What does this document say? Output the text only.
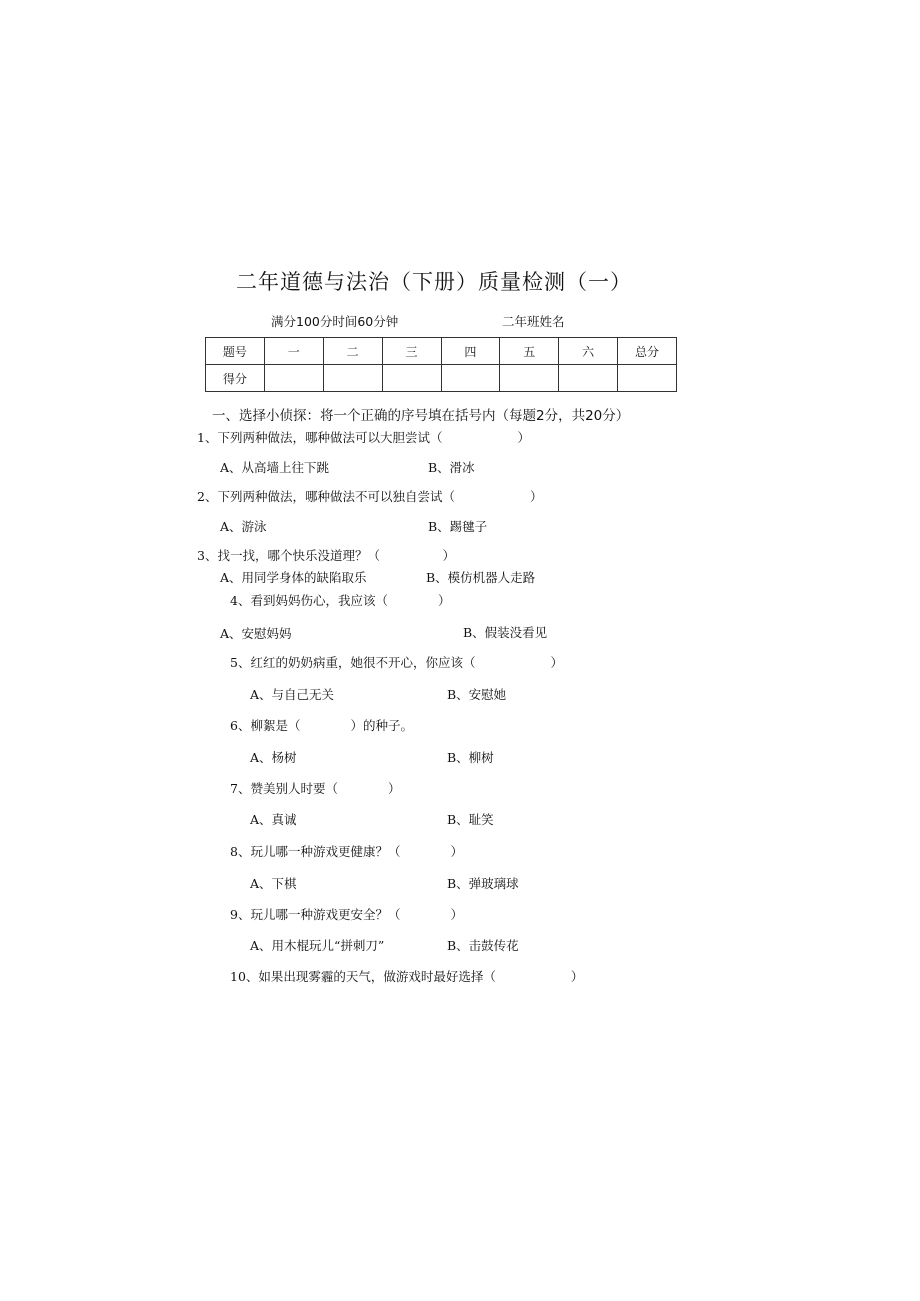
二年道德与法治（下册）质量检测（一）
满分100分时间60分钟	二年班姓名
题号	一	二	三	四	五	六	总分
得分							
一、选择小侦探：将一个正确的序号填在括号内（每题2分，共20分）
1、下列两种做法，哪种做法可以大胆尝试（　　　　　　）
A、从高墙上往下跳	B、滑冰
2、下列两种做法，哪种做法不可以独自尝试（　　　　　　）
A、游泳	B、踢毽子
3、找一找，哪个快乐没道理？（　　　　　）
A、用同学身体的缺陷取乐	B、模仿机器人走路
4、看到妈妈伤心，我应该（　　　　）
A、安慰妈妈	B、假装没看见
5、红红的奶奶病重，她很不开心，你应该（　　　　　　）
A、与自己无关	B、安慰她
6、柳絮是（　　　　）的种子。
A、杨树	B、柳树
7、赞美别人时要（　　　　）
A、真诚	B、耻笑
8、玩儿哪一种游戏更健康？（　　　　）
A、下棋	B、弹玻璃球
9、玩儿哪一种游戏更安全？（　　　　）
A、用木棍玩儿“拼刺刀”	B、击鼓传花
10、如果出现雾霾的天气，做游戏时最好选择（　　　　　　）
